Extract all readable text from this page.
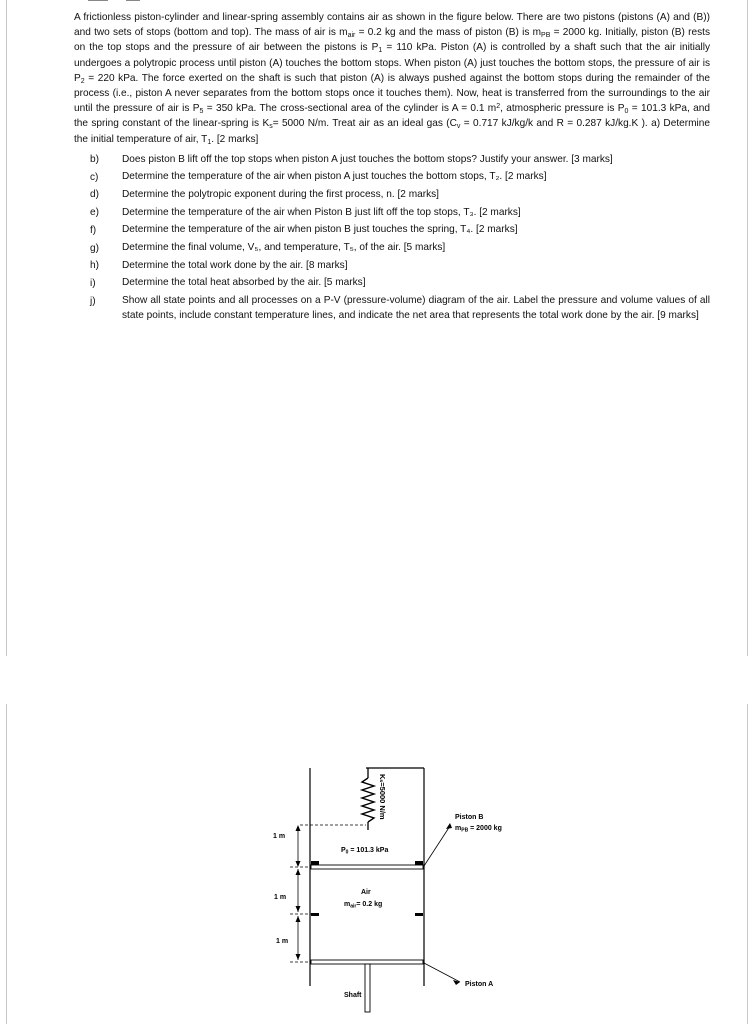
A frictionless piston-cylinder and linear-spring assembly contains air as shown in the figure below. There are two pistons (pistons (A) and (B)) and two sets of stops (bottom and top). The mass of air is $m_{air} = 0.2$ kg and the mass of piston (B) is $m_{PB} = 2000$ kg. Initially, piston (B) rests on the top stops and the pressure of air between the pistons is $P_1 = 110$ kPa. Piston (A) is controlled by a shaft such that the air initially undergoes a polytropic process until piston (A) touches the bottom stops. When piston (A) just touches the bottom stops, the pressure of air is $P_2 = 220$ kPa. The force exerted on the shaft is such that piston (A) is always pushed against the bottom stops during the remainder of the process (i.e., piston A never separates from the bottom stops once it touches them). Now, heat is transferred from the surroundings to the air until the pressure of air is $P_5 = 350$ kPa. The cross-sectional area of the cylinder is A = 0.1 $m^2$, atmospheric pressure is $P_0 = 101.3$ kPa, and the spring constant of the linear-spring is $K_s= 5000$ N/m. Treat air as an ideal gas ($C_v = 0.717$ kJ/kg/k and R = 0.287 kJ/kg.K ). a) Determine the initial temperature of air, $T_1$. [2 marks]

b)	Does piston B lift off the top stops when piston A just touches the bottom stops? Justify your answer. [3 marks]
c)	Determine the temperature of the air when piston A just touches the bottom stops, T₂. [2 marks]
d)	Determine the polytropic exponent during the first process, n. [2 marks]
e)	Determine the temperature of the air when Piston B just lift off the top stops, T₃. [2 marks]
f)	Determine the temperature of the air when piston B just touches the spring, T₄. [2 marks]
g)	Determine the final volume, V₅, and temperature, T₅, of the air. [5 marks]
h)	Determine the total work done by the air. [8 marks]
i)	Determine the total heat absorbed by the air. [5 marks]
j)	Show all state points and all processes on a P-V (pressure-volume) diagram of the air. Label the pressure and volume values of all state points, include constant temperature lines, and indicate the net area that represents the total work done by the air. [9 marks]
Kₛ=5000 N/m
Shaft
$P_0 = 101.3$ kPa
Air
$m_{air}= 0.2$ kg
Piston B
$m_{PB} = 2000$ kg
Piston A
1 m
1 m
1 m
